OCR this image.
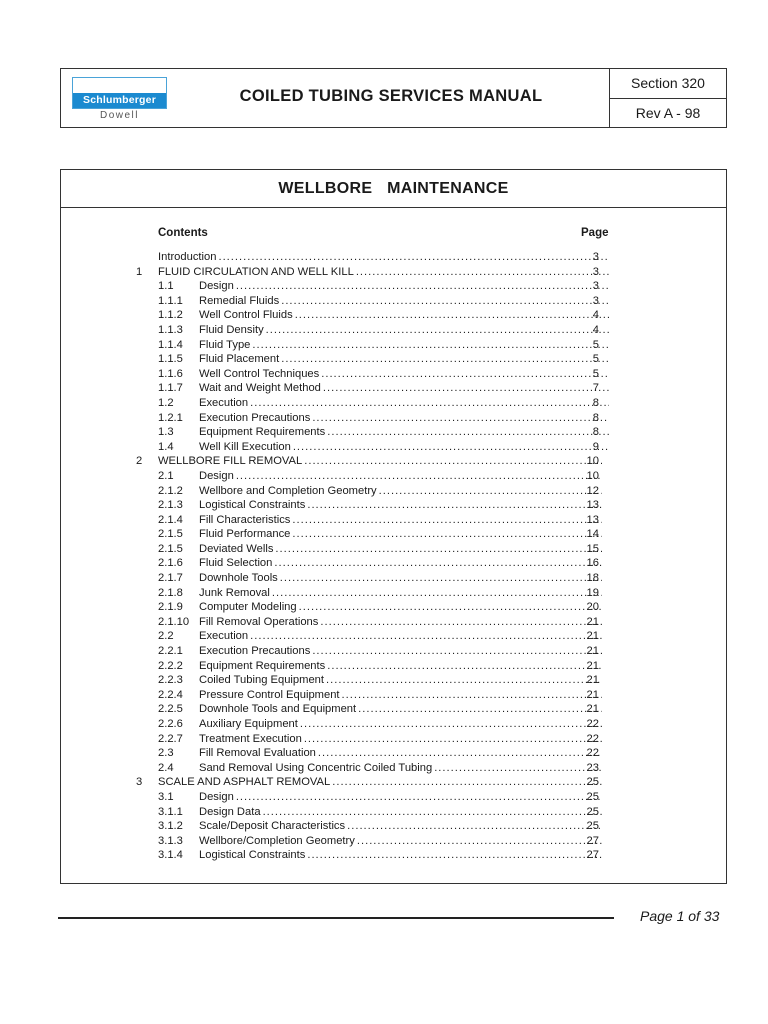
Schlumberger
Dowell
COILED TUBING SERVICES MANUAL
Section 320
Rev A - 98
WELLBORE MAINTENANCE
Contents	Page
Introduction .....	3
1 FLUID CIRCULATION AND WELL KILL .....	3
1.1 Design .....	3
1.1.1 Remedial Fluids .....	3
1.1.2 Well Control Fluids .....	4
1.1.3 Fluid Density .....	4
1.1.4 Fluid Type .....	5
1.1.5 Fluid Placement .....	5
1.1.6 Well Control Techniques .....	5
1.1.7 Wait and Weight Method .....	7
1.2 Execution .....	8
1.2.1 Execution Precautions .....	8
1.3 Equipment Requirements .....	8
1.4 Well Kill Execution .....	9
2 WELLBORE FILL REMOVAL .....	10
2.1 Design .....	10
2.1.2 Wellbore and Completion Geometry .....	12
2.1.3 Logistical Constraints .....	13
2.1.4 Fill Characteristics .....	13
2.1.5 Fluid Performance .....	14
2.1.5 Deviated Wells .....	15
2.1.6 Fluid Selection .....	16
2.1.7 Downhole Tools .....	18
2.1.8 Junk Removal .....	19
2.1.9 Computer Modeling .....	20
2.1.10 Fill Removal Operations .....	21
2.2 Execution .....	21
2.2.1 Execution Precautions .....	21
2.2.2 Equipment Requirements .....	21
2.2.3 Coiled Tubing Equipment .....	21
2.2.4 Pressure Control Equipment .....	21
2.2.5 Downhole Tools and Equipment .....	21
2.2.6 Auxiliary Equipment .....	22
2.2.7 Treatment Execution .....	22
2.3 Fill Removal Evaluation .....	22
2.4 Sand Removal Using Concentric Coiled Tubing .....	23
3 SCALE AND ASPHALT REMOVAL .....	25
3.1 Design .....	25
3.1.1 Design Data .....	25
3.1.2 Scale/Deposit Characteristics .....	25
3.1.3 Wellbore/Completion Geometry .....	27
3.1.4 Logistical Constraints .....	27
Page 1 of 33
